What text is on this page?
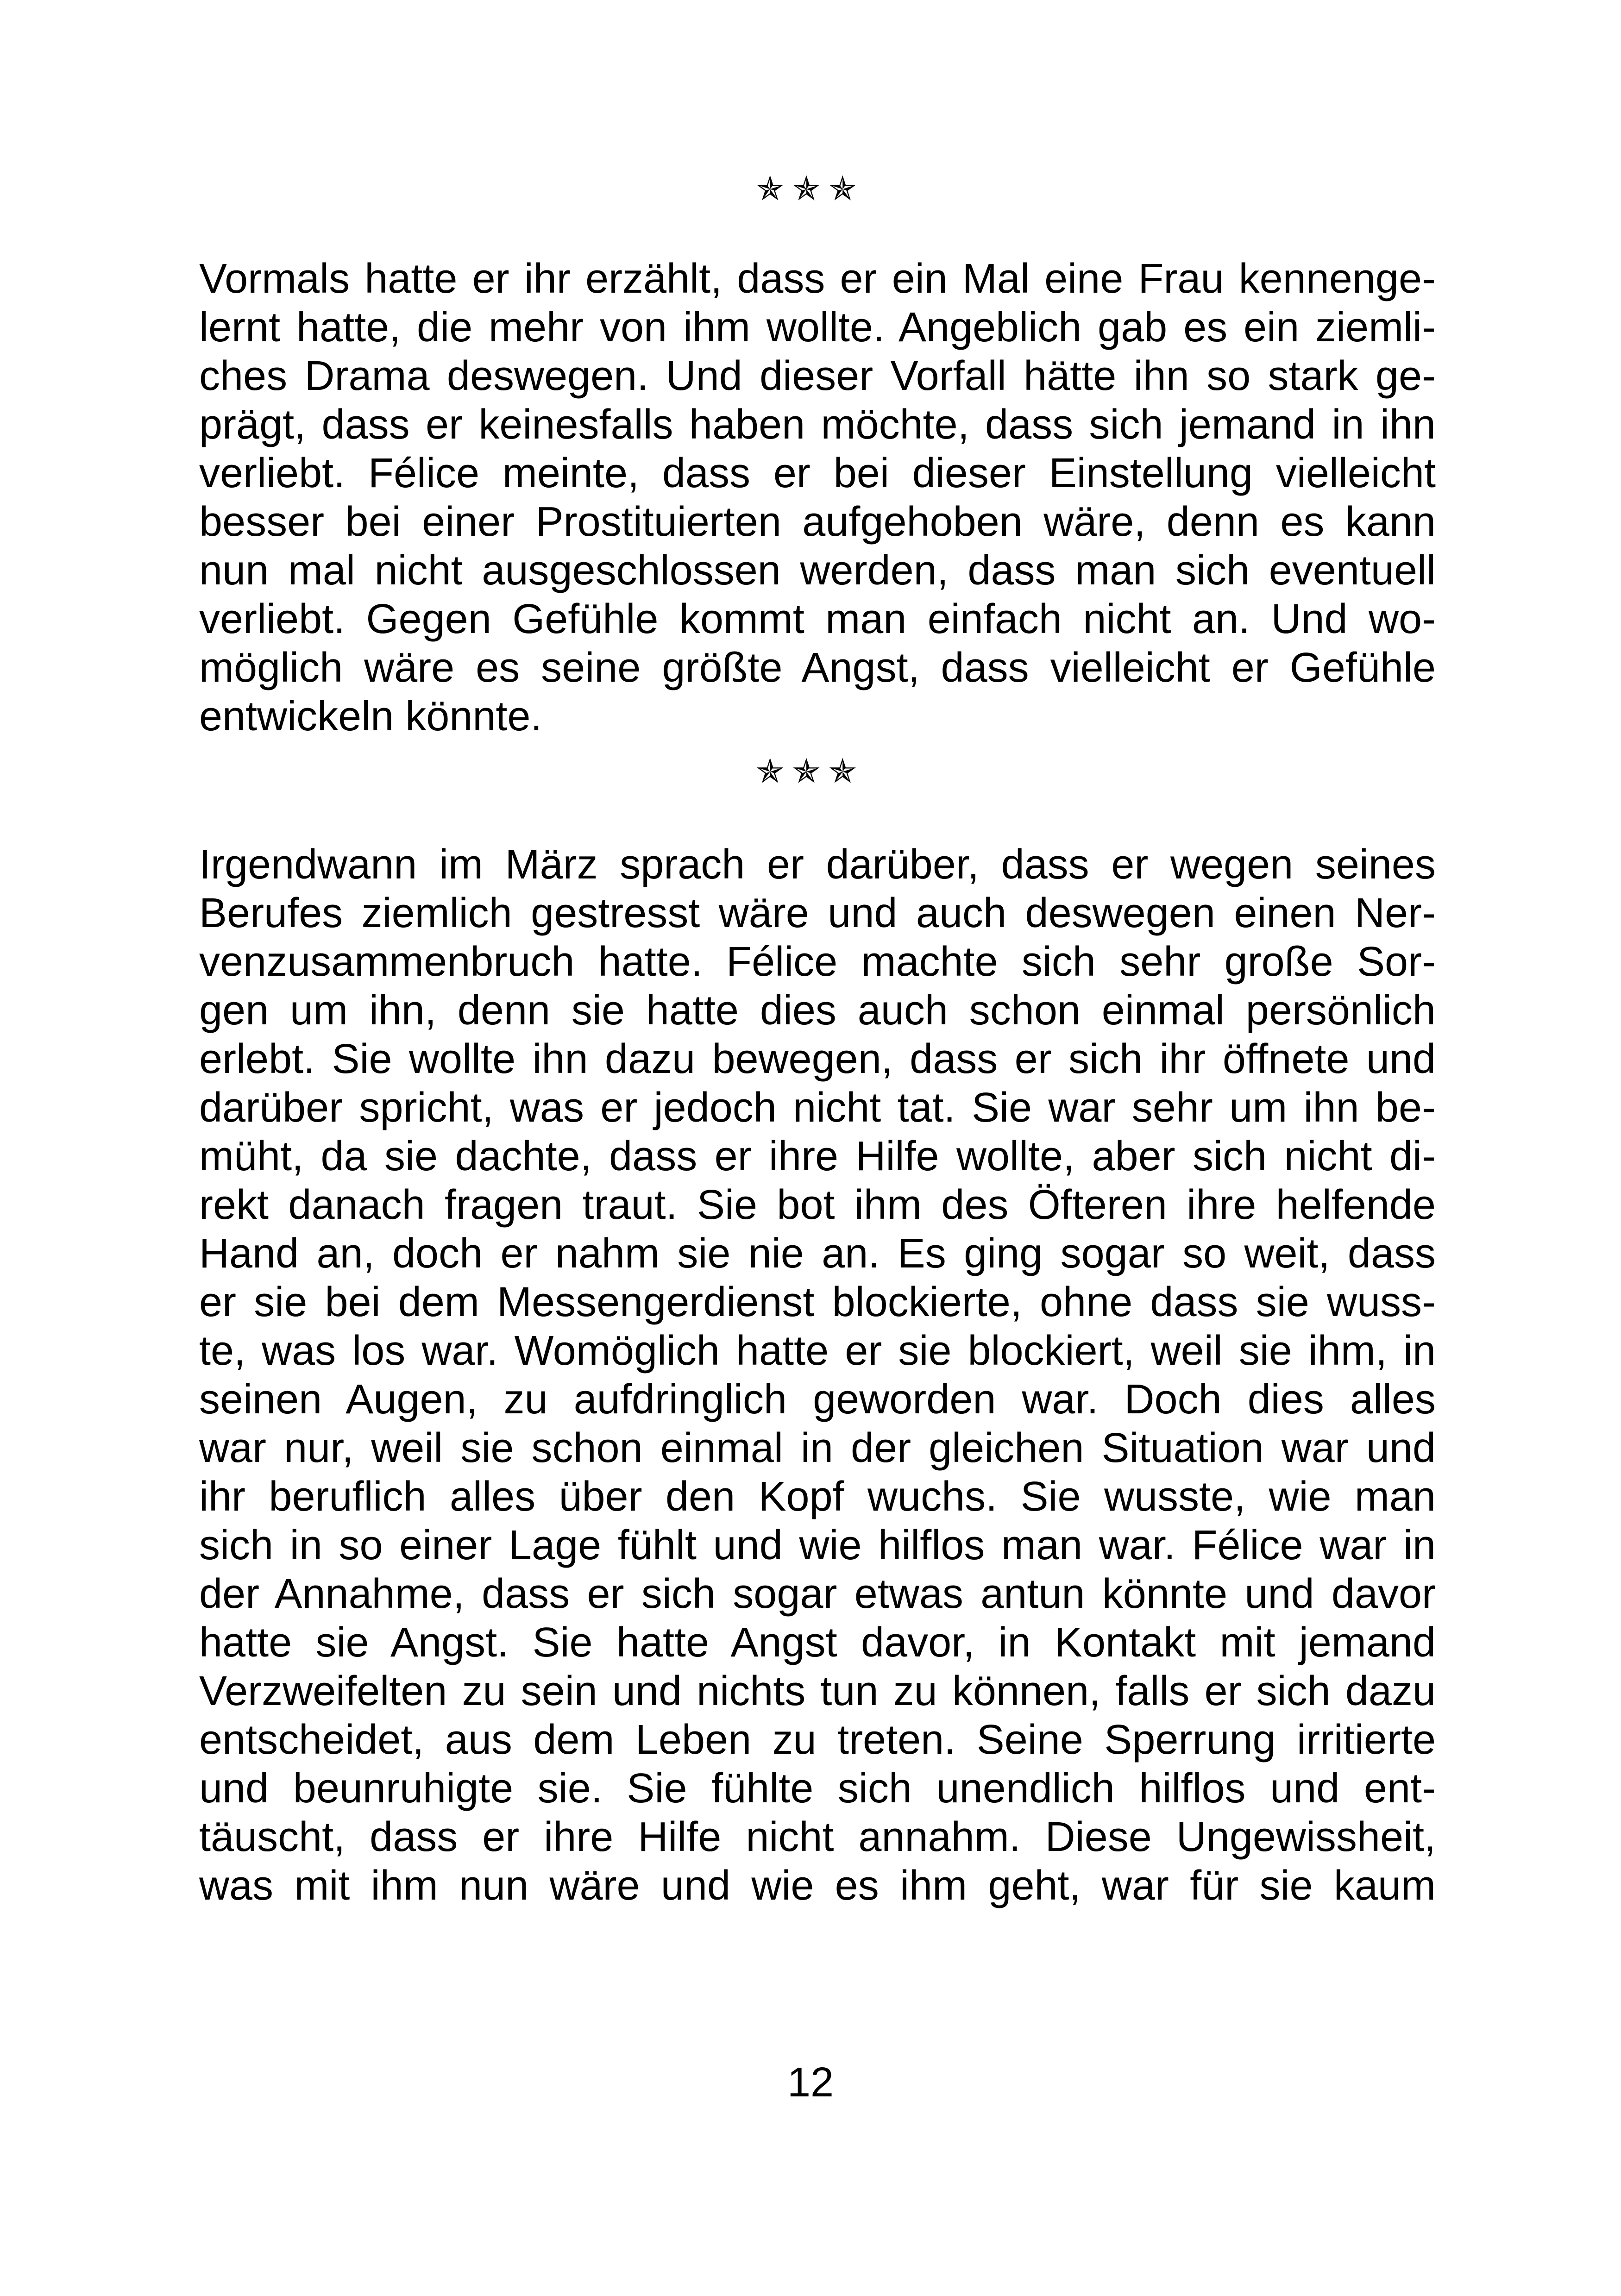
✯✯✯
Vormals hatte er ihr erzählt, dass er ein Mal eine Frau kennenge-
lernt hatte, die mehr von ihm wollte. Angeblich gab es ein ziemli-
ches Drama deswegen. Und dieser Vorfall hätte ihn so stark ge-
prägt, dass er keinesfalls haben möchte, dass sich jemand in ihn
verliebt. Félice meinte, dass er bei dieser Einstellung vielleicht
besser bei einer Prostituierten aufgehoben wäre, denn es kann
nun mal nicht ausgeschlossen werden, dass man sich eventuell
verliebt. Gegen Gefühle kommt man einfach nicht an. Und wo-
möglich wäre es seine größte Angst, dass vielleicht er Gefühle
entwickeln könnte.
✯✯✯
Irgendwann im März sprach er darüber, dass er wegen seines
Berufes ziemlich gestresst wäre und auch deswegen einen Ner-
venzusammenbruch hatte. Félice machte sich sehr große Sor-
gen um ihn, denn sie hatte dies auch schon einmal persönlich
erlebt. Sie wollte ihn dazu bewegen, dass er sich ihr öffnete und
darüber spricht, was er jedoch nicht tat. Sie war sehr um ihn be-
müht, da sie dachte, dass er ihre Hilfe wollte, aber sich nicht di-
rekt danach fragen traut. Sie bot ihm des Öfteren ihre helfende
Hand an, doch er nahm sie nie an. Es ging sogar so weit, dass
er sie bei dem Messengerdienst blockierte, ohne dass sie wuss-
te, was los war. Womöglich hatte er sie blockiert, weil sie ihm, in
seinen Augen, zu aufdringlich geworden war. Doch dies alles
war nur, weil sie schon einmal in der gleichen Situation war und
ihr beruflich alles über den Kopf wuchs. Sie wusste, wie man
sich in so einer Lage fühlt und wie hilflos man war. Félice war in
der Annahme, dass er sich sogar etwas antun könnte und davor
hatte sie Angst. Sie hatte Angst davor, in Kontakt mit jemand
Verzweifelten zu sein und nichts tun zu können, falls er sich dazu
entscheidet, aus dem Leben zu treten. Seine Sperrung irritierte
und beunruhigte sie. Sie fühlte sich unendlich hilflos und ent-
täuscht, dass er ihre Hilfe nicht annahm. Diese Ungewissheit,
was mit ihm nun wäre und wie es ihm geht, war für sie kaum
12
